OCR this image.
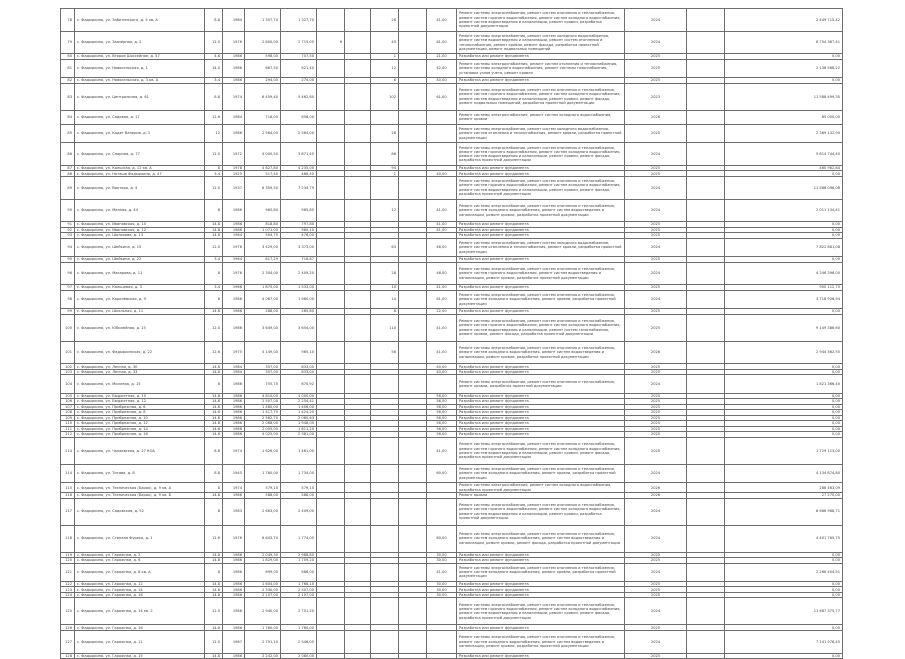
78	с. Фадыркино, ул. Заботинского, д. 5 кв. А	8.8	1984	1 357,70	1 327,70			26		41,00	Ремонт системы энергоснабжения, ремонт систем отопления и теплоснабжения, ремонт систем горячего водоснабжения, ремонт систем холодного водоснабжения, ремонт систем водоотведения и канализации, ремонт кровли, разработка проектной документации	2024		2 449 715,42
79	с. Фадыркино, ул. Заозёрная, д. 2	12.5	1976	2 600,00	2 715,00	6		45		61,00	Ремонт системы энергоснабжения, ремонт систем холодного водоснабжения, ремонт систем водоотведения и канализации, ремонт систем отопления и теплоснабжения, ремонт кровли, ремонт фасада, разработка проектной документации, ремонт подвальных помещений	2024		8 754 367,41
80	с. Фадыркино, ул. Второе Шоссейное, д. 57	4.6	1986	598,00	707,50			1		21,00	Разработка или ремонт фундамента	2025		0,00
81	с. Фадыркино, ул. Новосельская, д. 1	14.0	1986	667,50	621,40			12		42,00	Ремонт системы электроснабжения, ремонт систем отопления и теплоснабжения, ремонт системы холодного водоснабжения, ремонт системы газоснабжения, установка узлов учета, ремонт кровли	2025		2 138 568,22
82	с. Фадыркино, ул. Новосельская, д. 3 кв. А	3.4	1986	294,00	274,00			6		40,00	Разработка или ремонт фундамента	2025		0,00
83	с. Фадыркино, ул. Центральная, д. 61	8.8	1974	6 459,40	5 462,60			102		61,00	Ремонт системы энергоснабжения, ремонт систем отопления и теплоснабжения, ремонт систем горячего водоснабжения, ремонт систем холодного водоснабжения, ремонт систем водоотведения и канализации, ремонт кровли, ремонт фасада, ремонт подвальных помещений, разработка проектной документации	2023		11 588 499,35
84	с. Фадыркино, ул. Садовая, д. 17	12.6	1984	718,00	658,00						Ремонт системы электроснабжения, ремонт систем холодного водоснабжения, ремонт кровли	2026		85 000,00
85	с. Фадыркино, ул. Кадет Валерия, д. 1	12	1986	2 564,00	2 564,00			28			Ремонт системы энергоснабжения, ремонт систем холодного водоснабжения, ремонт систем отопления и теплоснабжения, ремонт кровли, разработка проектной документации	2025		2 369 132,90
86	с. Фадыркино, ул. Спорная, д. 77	12.0	1972	4 000,50	3 871,40			86			Ремонт системы энергоснабжения, ремонт систем отопления и теплоснабжения, ремонт систем горячего водоснабжения, ремонт систем холодного водоснабжения, ремонт систем водоотведения и канализации, ремонт кровли, ремонт фасада, разработка проектной документации	2024		5 614 744,40
87	с. Фадыркино, ул. Кольская, д. 12 кв. А	8	1978	4 827,80	4 235,00			94			Разработка или ремонт фундамента	2025		460 962,64
88	с. Фадыркино, ул. Наташа Фадыркино, д. 47	3.4	1925	517,40	466,40			1		40,00	Разработка или ремонт фундамента	2025		0,00
89	с. Фадыркино, ул. Виктора, д. 4	12.0	1937	6 359,50	7 234,79						Ремонт системы энергоснабжения, ремонт систем отопления и теплоснабжения, ремонт систем горячего водоснабжения, ремонт систем холодного водоснабжения, ремонт систем водоотведения и канализации, ремонт кровли, ремонт фасада, разработка проектной документации	2024		11 588 096,08
90	с. Фадыркино, ул. Мелкая, д. 44	8	1986	965,80	965,80			12		41,00	Ремонт системы энергоснабжения, ремонт систем отопления и теплоснабжения, ремонт систем холодного водоснабжения, ремонт систем водоотведения и канализации, ремонт кровли, разработка проектной документации	2024		2 011 134,41
91	с. Фадыркино, ул. Ивановская, д. 10	14.8	1986	818,80	797,80					41,00	Разработка или ремонт фундамента	2025		0,00
92	с. Фадыркино, ул. Ивановская, д. 12	14.8	1986	1 071,00	980,10					41,00	Разработка или ремонт фундамента	2025		0,00
93	с. Фадыркино, ул. Шолохова, д. 13	14.8	1984	504,70	476,00						Разработка или ремонт фундамента	2025		0,00
94	с. Фадыркино, ул. Шейкина, д. 15	12.0	1976	3 429,00	3 373,00			63		46,00	Ремонт системы энергоснабжения, ремонт систем холодного водоснабжения, ремонт систем отопления и теплоснабжения, ремонт кровли, разработка проектной документации	2024		7 822 881,08
95	с. Фадыркино, ул. Шейкина, д. 22	3.4	1964	817,29	716,67						Разработка или ремонт фундамента	2025		0,00
96	с. Фадыркино, ул. Макарова, д. 11	8	1976	2 304,00	2 409,20			28		46,00	Ремонт системы энергоснабжения, ремонт систем отопления и теплоснабжения, ремонт систем горячего водоснабжения, ремонт систем водоотведения и канализации, ремонт кровли, разработка проектной документации	2024		4 246 396,00
97	с. Фадыркино, ул. Кольцевая, д. 3	3.4	1966	1 875,00	1 533,00			10		41,00	Разработка или ремонт фундамента	2025		950 112,75
98	с. Фадыркино, ул. Королёвская, д. 9	8	1986	4 067,00	1 960,00			14		61,00	Ремонт системы энергоснабжения, ремонт систем отопления и теплоснабжения, ремонт систем холодного водоснабжения, ремонт кровли, разработка проектной документации	2024		3 718 926,94
99	с. Фадыркино, ул. Школьная, д. 11	14.8	1986	288,00	265,80			8		22,00	Разработка или ремонт фундамента	2025		0,00
100	с. Фадыркино, ул. Юбилейная, д. 15	12.0	1986	3 649,00	3 654,00			110		41,00	Ремонт системы энергоснабжения, ремонт систем отопления и теплоснабжения, ремонт систем горячего водоснабжения, ремонт систем холодного водоснабжения, ремонт систем водоотведения и канализации, ремонт систем газоснабжения, ремонт кровли, ремонт фасада, разработка проектной документации	2025		9 149 386,60
101	с. Фадыркино, ул. Фадыркинская, д. 22	12.6	1975	4 149,00	965,10			56		41,00	Ремонт системы энергоснабжения, ремонт систем отопления и теплоснабжения, ремонт систем холодного водоснабжения, ремонт систем водоотведения и канализации, ремонт кровли, разработка проектной документации	2026		2 944 362,55
102	с. Фадыркино, ул. Лесная, д. 30	14.8	1984	357,00	833,00					40,00	Разработка или ремонт фундамента	2025		0,00
103	с. Фадыркино, ул. Лесная, д. 33	14.8	1984	357,00	833,00					40,00	Разработка или ремонт фундамента	2025		0,00
104	с. Фадыркино, ул. Миллера, д. 15	8	1986	755,75	670,92						Ремонт системы энергоснабжения, ремонт систем отопления и теплоснабжения, ремонт кровли, разработка проектной документации	2024		1 821 366,40
105	с. Фадыркино, ул. Бюджетная, д. 10	14.8	1986	4 810,00	4 000,00					56,00	Разработка или ремонт фундамента	2025		0,00
106	с. Фадыркино, ул. Бюджетная, д. 12	14.8	1986	2 507,00	2 254,41					56,00	Разработка или ремонт фундамента	2025		0,00
107	с. Фадыркино, ул. Прибрежная, д. 6	14.8	1986	1 480,00	1 406,00					56,00	Разработка или ремонт фундамента	2025		0,00
108	с. Фадыркино, ул. Прибрежная, д. 8	14.8	1986	1 417,70	1 424,25					56,00	Разработка или ремонт фундамента	2025		0,00
109	с. Фадыркино, ул. Прибрежная, д. 10	14.8	1986	2 562,70	2 060,63					56,00	Разработка или ремонт фундамента	2025		0,00
110	с. Фадыркино, ул. Прибрежная, д. 12	14.8	1986	2 068,00	1 948,00					56,00	Разработка или ремонт фундамента	2025		0,00
111	с. Фадыркино, ул. Прибрежная, д. 14	14.8	1986	2 005,00	1 811,20					56,00	Разработка или ремонт фундамента	2025		0,00
112	с. Фадыркино, ул. Прибрежная, д. 16	14.8	1986	4 025,00	2 381,00					56,00	Разработка или ремонт фундамента	2025		0,00
113	с. Фадыркино, ул. Чапаевская, д. 27 КОА	8.8	1974	1 626,00	1 461,00					41,00	Ремонт системы энергоснабжения, ремонт систем отопления и теплоснабжения, ремонт систем горячего водоснабжения, ремонт систем холодного водоснабжения, ремонт систем водоотведения и канализации, ремонт кровли, ремонт фасада, разработка проектной документации	2025		1 729 113,00
114	с. Фадыркино, ул. Титова, д. 8	8.8	1945	1 760,00	1 734,00					60,00	Ремонт системы энергоснабжения, ремонт систем отопления и теплоснабжения, ремонт систем холодного водоснабжения, ремонт кровли, разработка проектной документации	2024		4 134 874,80
115	с. Фадыркино, ул. Техническая (Барак), д. 9 кв. А	8	1974	579,10	579,10						Ремонт системы электроснабжения, ремонт систем холодного водоснабжения, разработка проектной документации	2026		288 463,09
116	с. Фадыркино, ул. Техническая (Барак), д. 9 кв. Б	14.8	1986	588,00	588,00						Ремонт кровли	2026		27 270,00
117	с. Фадыркино, ул. Садовская, д. 52	8	1983	2 663,00	2 409,00						Ремонт системы энергоснабжения, ремонт систем отопления и теплоснабжения, ремонт систем горячего водоснабжения, ремонт систем холодного водоснабжения, ремонт систем водоотведения и канализации, ремонт кровли, разработка проектной документации	2024		8 666 968,71
118	с. Фадыркино, ул. Степана Фуреса, д. 1	12.6	1976	6 643,70	1 774,00					60,00	Ремонт системы энергоснабжения, ремонт систем отопления и теплоснабжения, ремонт систем холодного водоснабжения, ремонт систем водоотведения и канализации, ремонт кровли, ремонт фасада, разработка проектной документации	2024		4 401 765,75
119	с. Фадыркино, ул. Гаражная, д. 2	14.8	1986	2 049,30	2 988,80					30,00	Разработка или ремонт фундамента	2025		0,00
120	с. Фадыркино, ул. Гаражная, д. 6	14.8	1986	1 829,00	1 709,20					30,00	Разработка или ремонт фундамента	2025		0,00
121	с. Фадыркино, ул. Гаражная, д. 8 кв. А	8	1986	699,00	686,00					41,00	Ремонт системы энергоснабжения, ремонт систем отопления и теплоснабжения, ремонт систем холодного водоснабжения, ремонт кровли, разработка проектной документации	2024		2 266 404,51
122	с. Фадыркино, ул. Гаражная, д. 12	14.8	1986	1 604,00	1 768,10					30,00	Разработка или ремонт фундамента	2025		0,00
123	с. Фадыркино, ул. Гаражная, д. 14	14.8	1986	2 330,00	2 507,00					30,00	Разработка или ремонт фундамента	2025		0,00
124	с. Фадыркино, ул. Гаражная, д. 16	14.8	1986	2 107,00	2 107,00					30,00	Разработка или ремонт фундамента	2025		0,00
125	с. Фадыркино, ул. Гаражная, д. 14 кв. 2	12.0	1986	2 940,00	2 751,20						Ремонт системы энергоснабжения, ремонт систем отопления и теплоснабжения, ремонт систем горячего водоснабжения, ремонт систем холодного водоснабжения, ремонт систем водоотведения и канализации, ремонт кровли, ремонт фасада, разработка проектной документации	2024		11 687 375,77
126	с. Фадыркино, ул. Гаражная, д. 16	14.8	1986	1 760,00	1 760,00						Разработка или ремонт фундамента	2025		0,00
127	с. Фадыркино, ул. Гаражная, д. 11	12.0	1967	2 791,10	2 546,00						Ремонт системы энергоснабжения, ремонт систем отопления и теплоснабжения, ремонт систем холодного водоснабжения, ремонт систем водоотведения и канализации, ремонт кровли, разработка проектной документации	2024		7 141 976,45
128	с. Фадыркино, ул. Гаражная, д. 15	14.8	1986	2 242,00	2 080,00						Разработка или ремонт фундамента	2025		0,00
